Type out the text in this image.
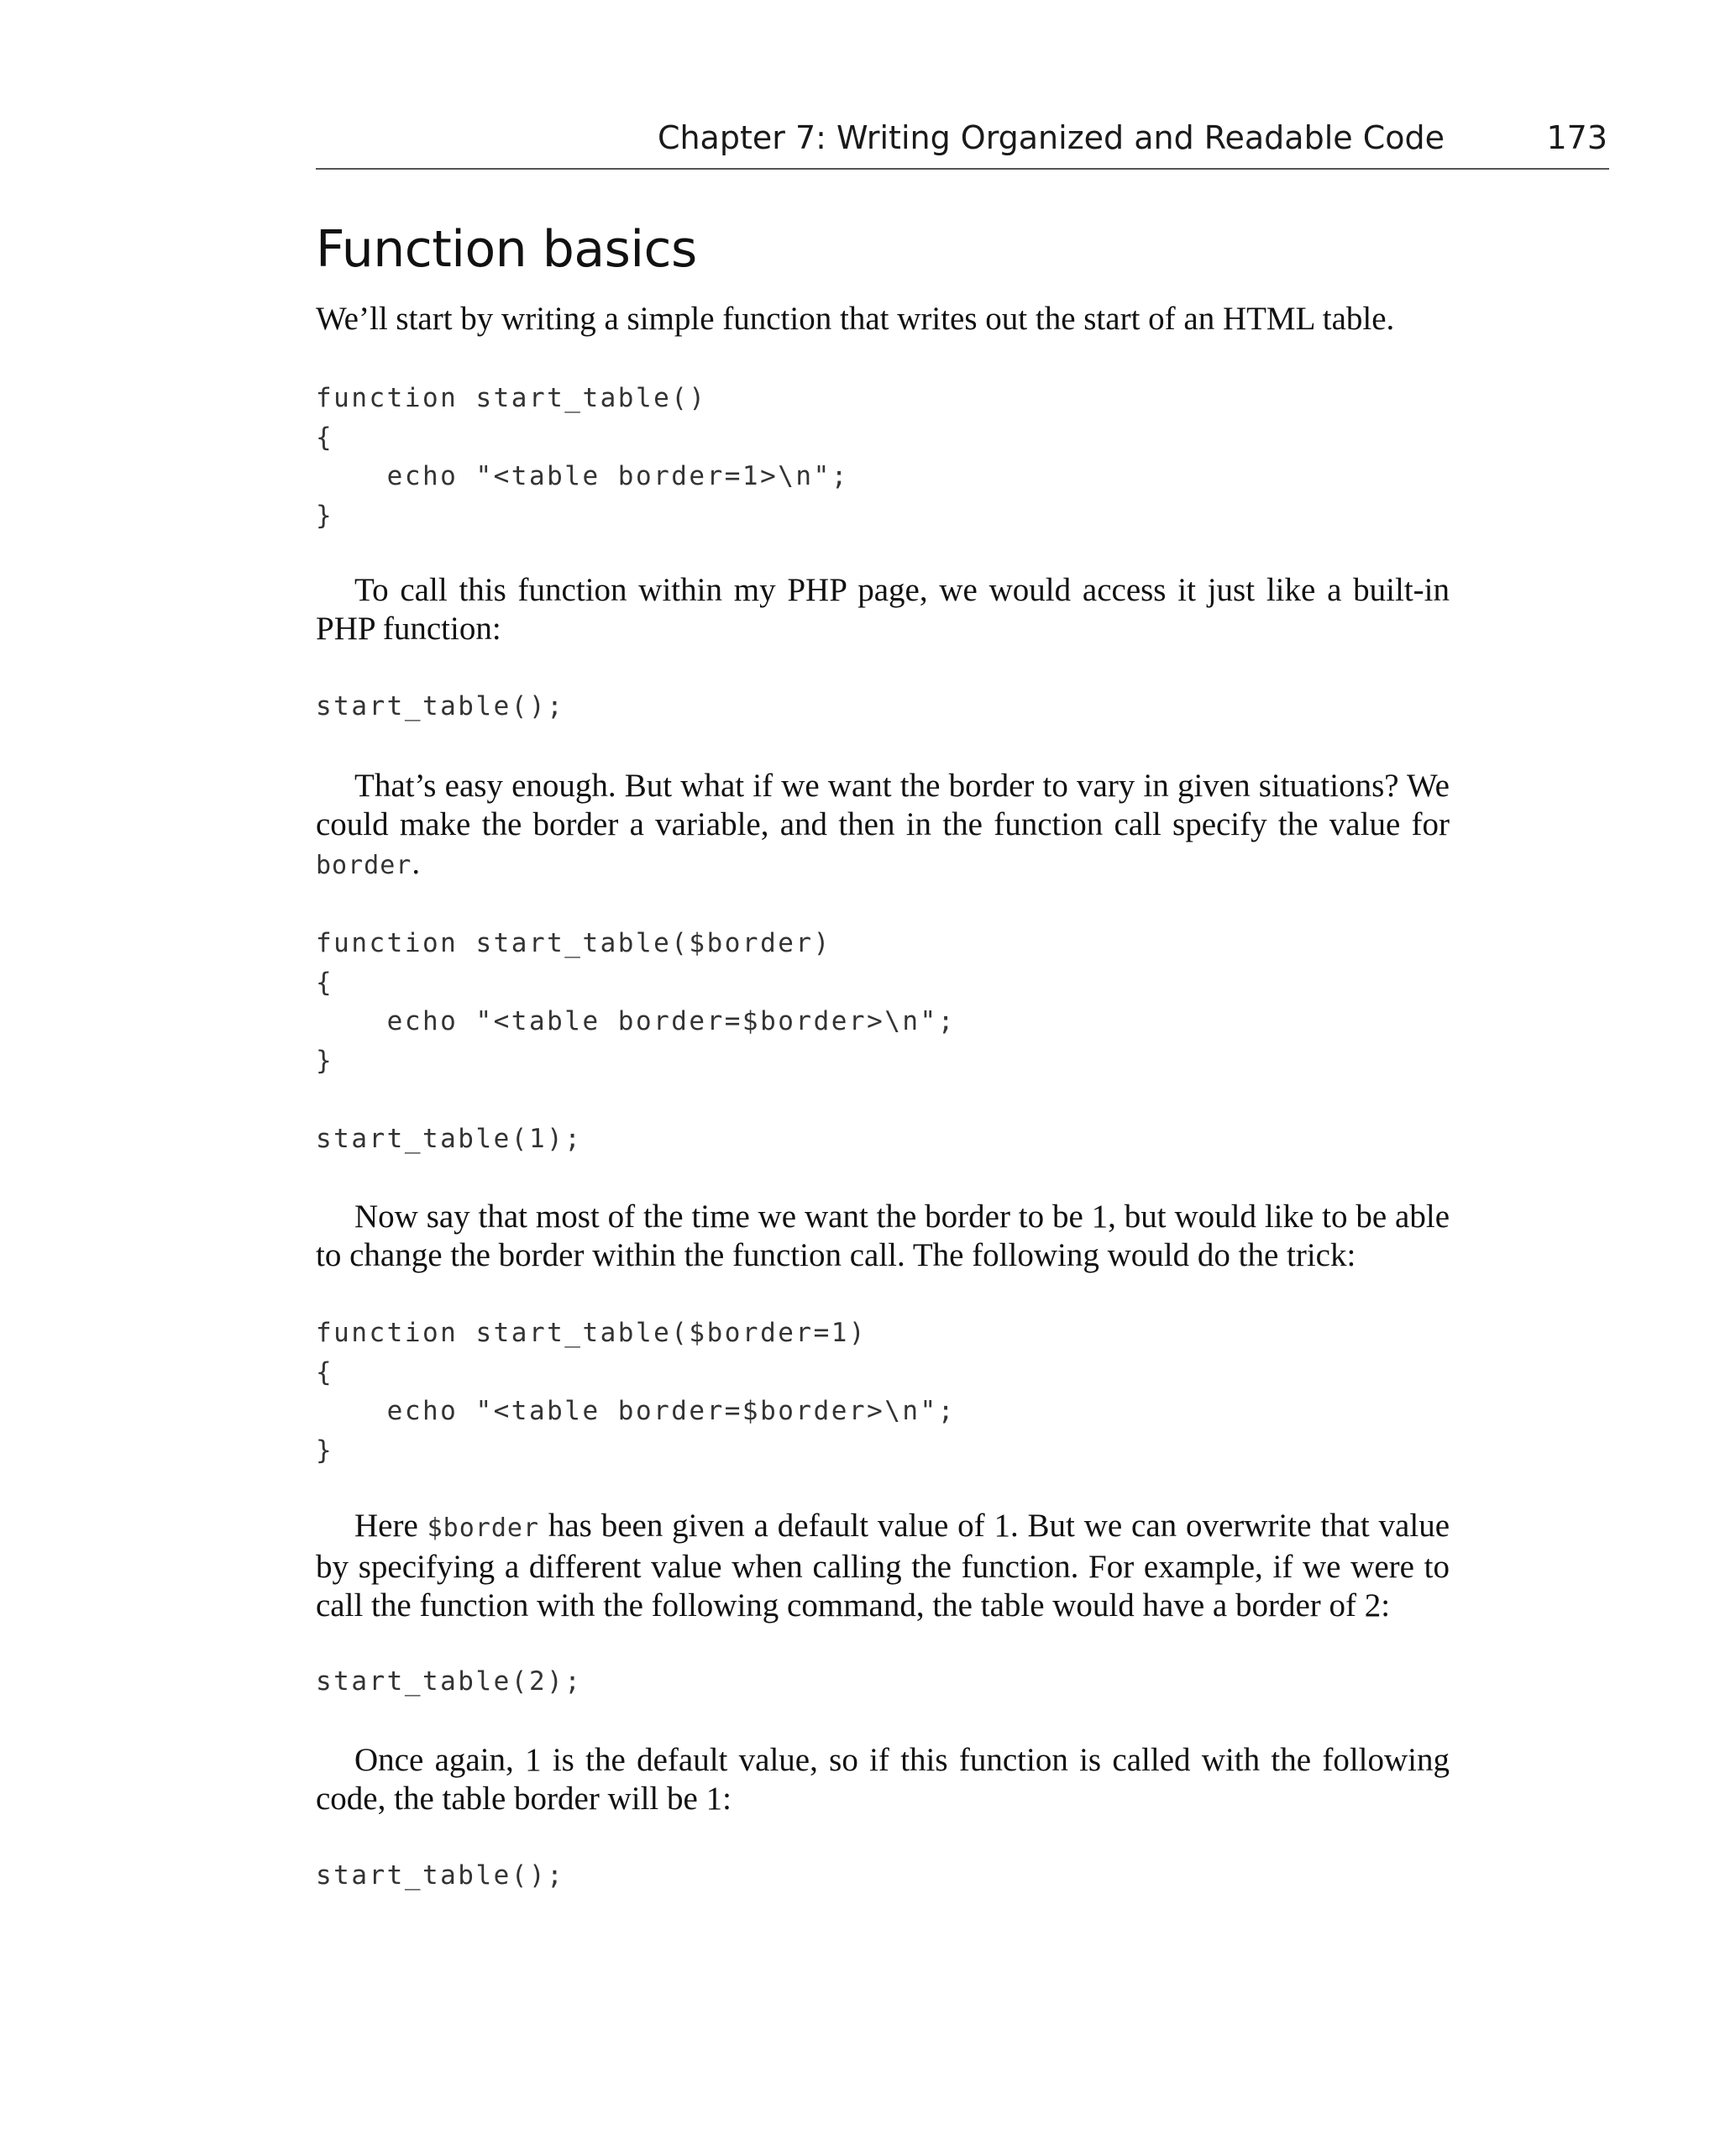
Chapter 7: Writing Organized and Readable Code	173
Function basics

We’ll start by writing a simple function that writes out the start of an HTML table.

function start_table()
{
echo "<table border=1>\n";
}

To call this function within my PHP page, we would access it just like a built-in PHP function:

start_table();

That’s easy enough. But what if we want the border to vary in given situations? We could make the border a variable, and then in the function call specify the value for border.

function start_table($border)
{
echo "<table border=$border>\n";
}

start_table(1);

Now say that most of the time we want the border to be 1, but would like to be able to change the border within the function call. The following would do the trick:

function start_table($border=1)
{
echo "<table border=$border>\n";
}

Here $border has been given a default value of 1. But we can overwrite that value by specifying a different value when calling the function. For example, if we were to call the function with the following command, the table would have a border of 2:

start_table(2);

Once again, 1 is the default value, so if this function is called with the following code, the table border will be 1:

start_table();
